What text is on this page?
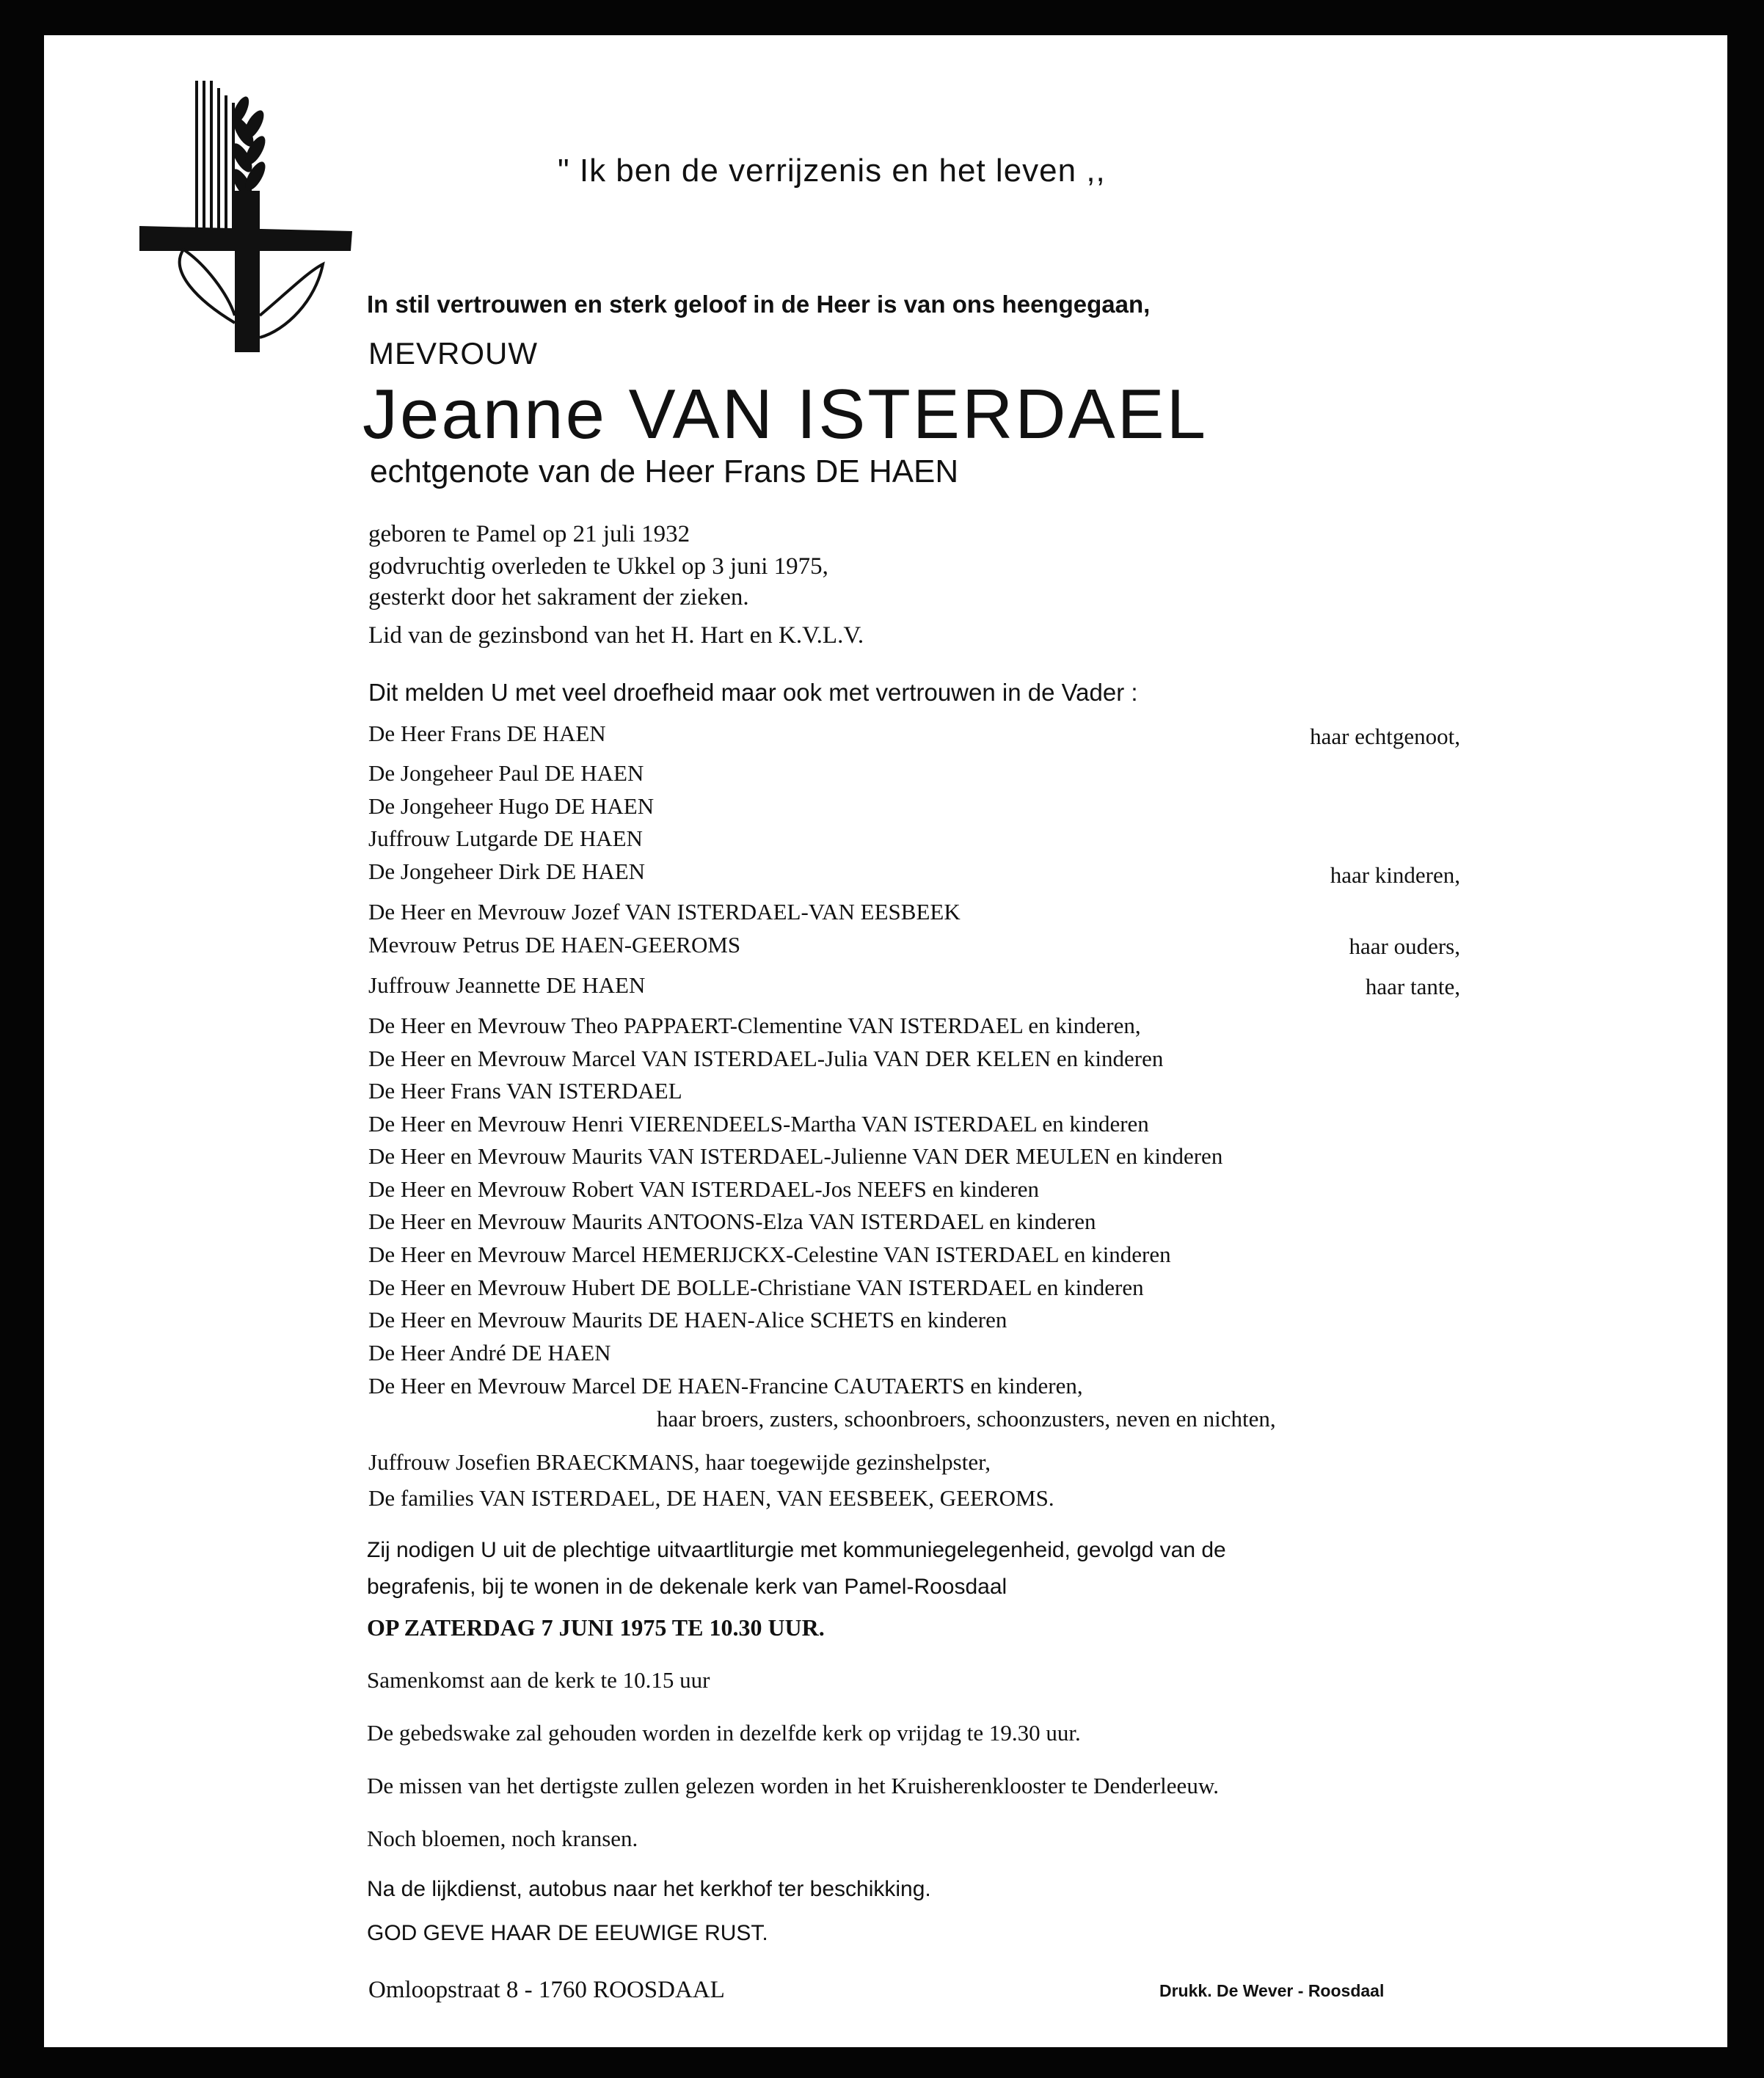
" Ik ben de verrijzenis en het leven ,,
In stil vertrouwen en sterk geloof in de Heer is van ons heengegaan,
MEVROUW
Jeanne VAN ISTERDAEL
echtgenote van de Heer Frans DE HAEN
geboren te Pamel op 21 juli 1932
godvruchtig overleden te Ukkel op 3 juni 1975,
gesterkt door het sakrament der zieken.
Lid van de gezinsbond van het H. Hart en K.V.L.V.
Dit melden U met veel droefheid maar ook met vertrouwen in de Vader :
De Heer Frans DE HAEN	haar echtgenoot,
De Jongeheer Paul DE HAEN
De Jongeheer Hugo DE HAEN
Juffrouw Lutgarde DE HAEN
De Jongeheer Dirk DE HAEN	haar kinderen,
De Heer en Mevrouw Jozef VAN ISTERDAEL-VAN EESBEEK
Mevrouw Petrus DE HAEN-GEEROMS	haar ouders,
Juffrouw Jeannette DE HAEN	haar tante,
De Heer en Mevrouw Theo PAPPAERT-Clementine VAN ISTERDAEL en kinderen,
De Heer en Mevrouw Marcel VAN ISTERDAEL-Julia VAN DER KELEN en kinderen
De Heer Frans VAN ISTERDAEL
De Heer en Mevrouw Henri VIERENDEELS-Martha VAN ISTERDAEL en kinderen
De Heer en Mevrouw Maurits VAN ISTERDAEL-Julienne VAN DER MEULEN en kinderen
De Heer en Mevrouw Robert VAN ISTERDAEL-Jos NEEFS en kinderen
De Heer en Mevrouw Maurits ANTOONS-Elza VAN ISTERDAEL en kinderen
De Heer en Mevrouw Marcel HEMERIJCKX-Celestine VAN ISTERDAEL en kinderen
De Heer en Mevrouw Hubert DE BOLLE-Christiane VAN ISTERDAEL en kinderen
De Heer en Mevrouw Maurits DE HAEN-Alice SCHETS en kinderen
De Heer André DE HAEN
De Heer en Mevrouw Marcel DE HAEN-Francine CAUTAERTS en kinderen,
haar broers, zusters, schoonbroers, schoonzusters, neven en nichten,
Juffrouw Josefien BRAECKMANS, haar toegewijde gezinshelpster,
De families VAN ISTERDAEL, DE HAEN, VAN EESBEEK, GEEROMS.
Zij nodigen U uit de plechtige uitvaartliturgie met kommuniegelegenheid, gevolgd van de
begrafenis, bij te wonen in de dekenale kerk van Pamel-Roosdaal
OP ZATERDAG 7 JUNI 1975 TE 10.30 UUR.
Samenkomst aan de kerk te 10.15 uur
De gebedswake zal gehouden worden in dezelfde kerk op vrijdag te 19.30 uur.
De missen van het dertigste zullen gelezen worden in het Kruisherenklooster te Denderleeuw.
Noch bloemen, noch kransen.
Na de lijkdienst, autobus naar het kerkhof ter beschikking.
GOD GEVE HAAR DE EEUWIGE RUST.
Omloopstraat 8 - 1760 ROOSDAAL	Drukk. De Wever - Roosdaal
